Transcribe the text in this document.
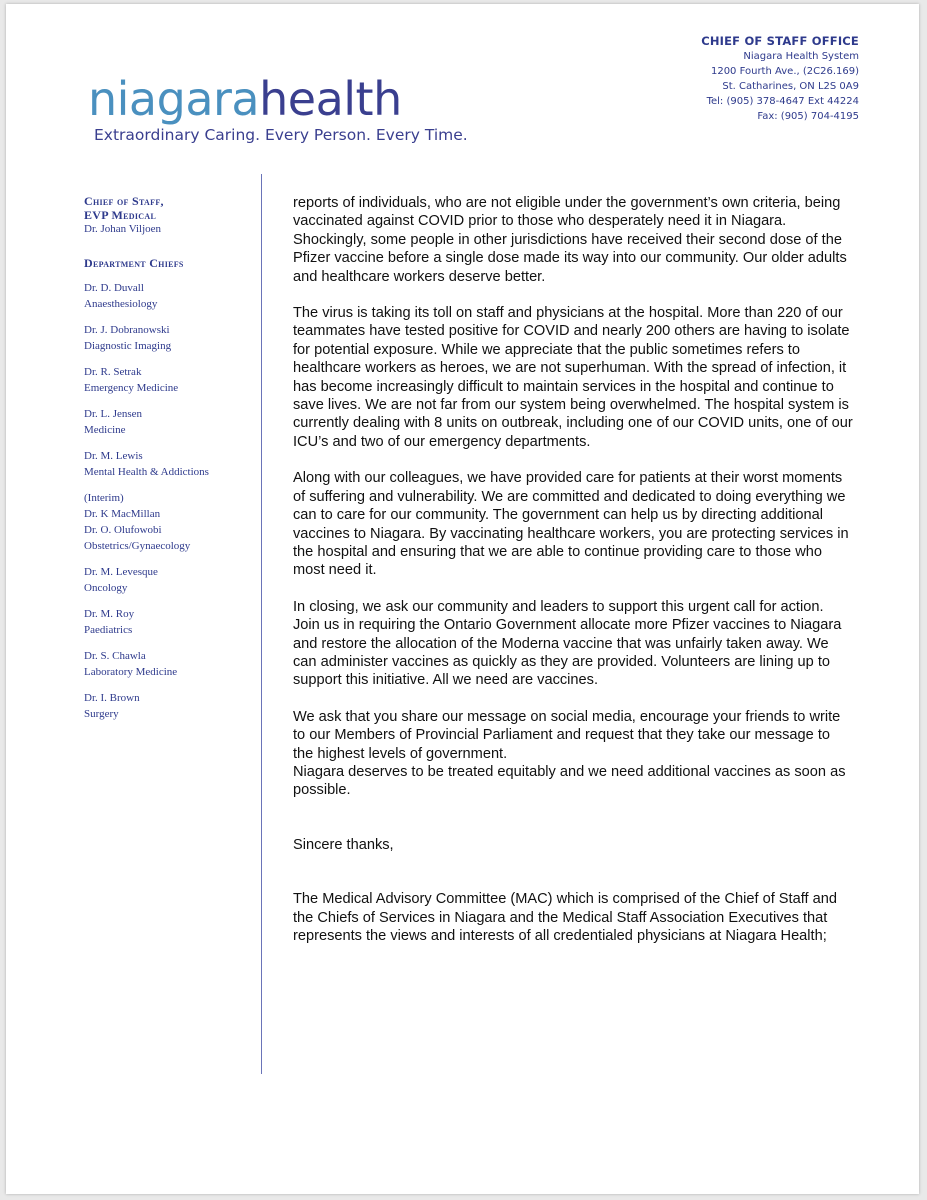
niagarahealth
Extraordinary Caring. Every Person. Every Time.
CHIEF OF STAFF OFFICE
Niagara Health System
1200 Fourth Ave., (2C26.169)
St. Catharines, ON L2S 0A9
Tel: (905) 378-4647 Ext 44224
Fax: (905) 704-4195
Chief of Staff,
EVP Medical
Dr. Johan Viljoen
Department Chiefs
Dr. D. Duvall
Anaesthesiology
Dr. J. Dobranowski
Diagnostic Imaging
Dr. R. Setrak
Emergency Medicine
Dr. L. Jensen
Medicine
Dr. M. Lewis
Mental Health & Addictions
(Interim)
Dr. K MacMillan
Dr. O. Olufowobi
Obstetrics/Gynaecology
Dr. M. Levesque
Oncology
Dr. M. Roy
Paediatrics
Dr. S. Chawla
Laboratory Medicine
Dr. I. Brown
Surgery

reports of individuals, who are not eligible under the government’s own criteria, being vaccinated against COVID prior to those who desperately need it in Niagara. Shockingly, some people in other jurisdictions have received their second dose of the Pfizer vaccine before a single dose made its way into our community. Our older adults and healthcare workers deserve better.

The virus is taking its toll on staff and physicians at the hospital. More than 220 of our teammates have tested positive for COVID and nearly 200 others are having to isolate for potential exposure. While we appreciate that the public sometimes refers to healthcare workers as heroes, we are not superhuman. With the spread of infection, it has become increasingly difficult to maintain services in the hospital and continue to save lives. We are not far from our system being overwhelmed. The hospital system is currently dealing with 8 units on outbreak, including one of our COVID units, one of our ICU’s and two of our emergency departments.

Along with our colleagues, we have provided care for patients at their worst moments of suffering and vulnerability. We are committed and dedicated to doing everything we can to care for our community. The government can help us by directing additional vaccines to Niagara. By vaccinating healthcare workers, you are protecting services in the hospital and ensuring that we are able to continue providing care to those who most need it.

In closing, we ask our community and leaders to support this urgent call for action. Join us in requiring the Ontario Government allocate more Pfizer vaccines to Niagara and restore the allocation of the Moderna vaccine that was unfairly taken away. We can administer vaccines as quickly as they are provided. Volunteers are lining up to support this initiative. All we need are vaccines.

We ask that you share our message on social media, encourage your friends to write to our Members of Provincial Parliament and request that they take our message to the highest levels of government.
Niagara deserves to be treated equitably and we need additional vaccines as soon as possible.

Sincere thanks,

The Medical Advisory Committee (MAC) which is comprised of the Chief of Staff and the Chiefs of Services in Niagara and the Medical Staff Association Executives that represents the views and interests of all credentialed physicians at Niagara Health;
